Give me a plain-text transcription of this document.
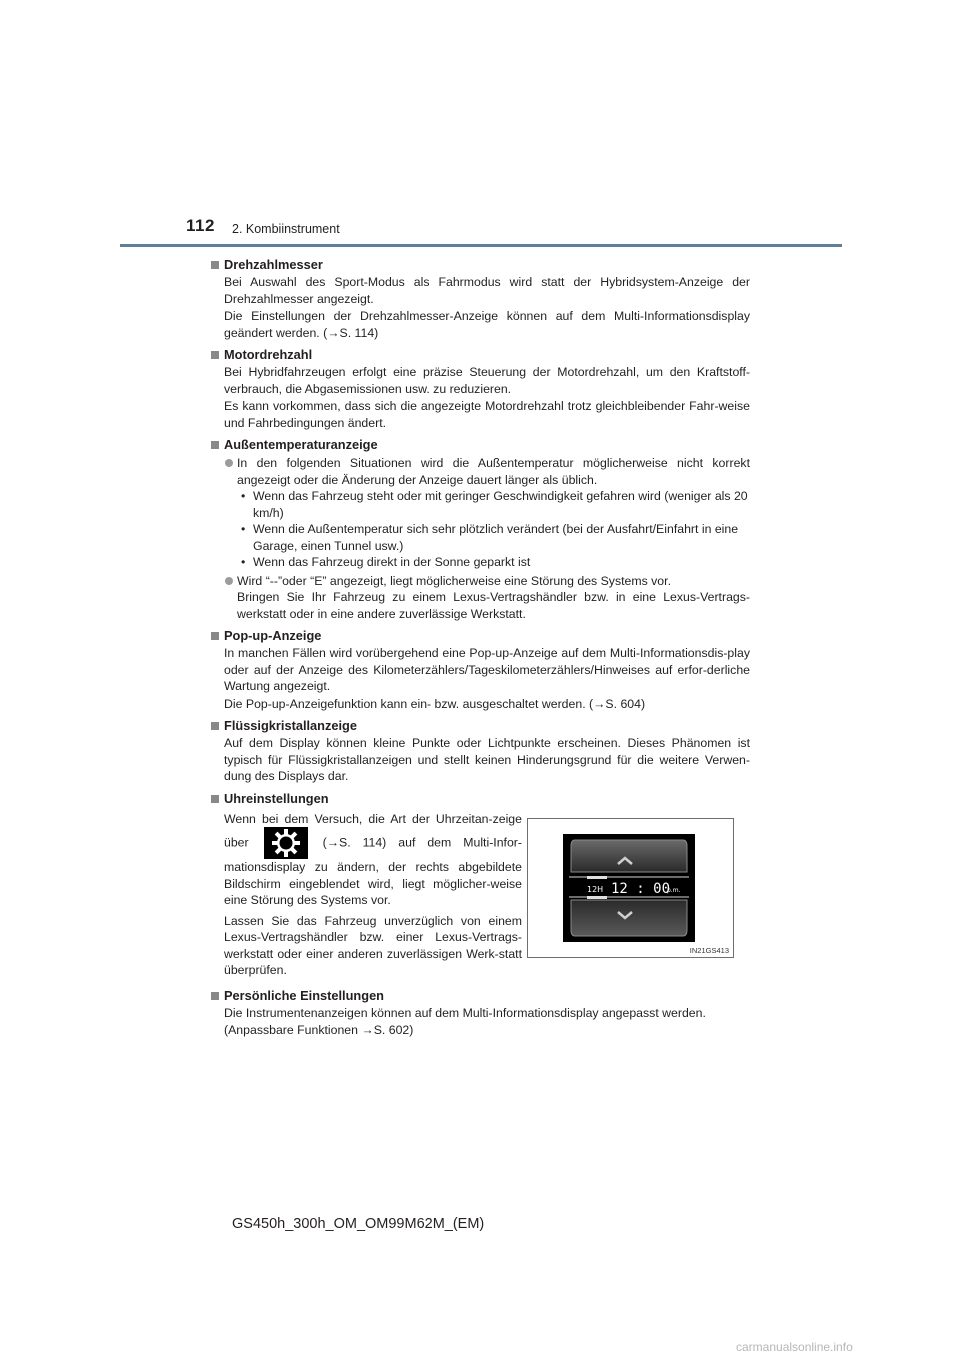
112 2. Kombiinstrument
Drehzahlmesser

Bei Auswahl des Sport-Modus als Fahrmodus wird statt der Hybridsystem-Anzeige der Drehzahlmesser angezeigt.

Die Einstellungen der Drehzahlmesser-Anzeige können auf dem Multi-Informationsdisplay geändert werden. (→S. 114)

Motordrehzahl

Bei Hybridfahrzeugen erfolgt eine präzise Steuerung der Motordrehzahl, um den Kraftstoff-verbrauch, die Abgasemissionen usw. zu reduzieren.

Es kann vorkommen, dass sich die angezeigte Motordrehzahl trotz gleichbleibender Fahr-weise und Fahrbedingungen ändert.

Außentemperaturanzeige
In den folgenden Situationen wird die Außentemperatur möglicherweise nicht korrekt angezeigt oder die Änderung der Anzeige dauert länger als üblich.
• Wenn das Fahrzeug steht oder mit geringer Geschwindigkeit gefahren wird (weniger als 20 km/h)
• Wenn die Außentemperatur sich sehr plötzlich verändert (bei der Ausfahrt/Einfahrt in eine Garage, einen Tunnel usw.)
• Wenn das Fahrzeug direkt in der Sonne geparkt ist
Wird “--”oder “E” angezeigt, liegt möglicherweise eine Störung des Systems vor.
Bringen Sie Ihr Fahrzeug zu einem Lexus-Vertragshändler bzw. in eine Lexus-Vertrags-werkstatt oder in eine andere zuverlässige Werkstatt.
Pop-up-Anzeige

In manchen Fällen wird vorübergehend eine Pop-up-Anzeige auf dem Multi-Informationsdis-play oder auf der Anzeige des Kilometerzählers/Tageskilometerzählers/Hinweises auf erfor-derliche Wartung angezeigt.

Die Pop-up-Anzeigefunktion kann ein- bzw. ausgeschaltet werden. (→S. 604)

Flüssigkristallanzeige

Auf dem Display können kleine Punkte oder Lichtpunkte erscheinen. Dieses Phänomen ist typisch für Flüssigkristallanzeigen und stellt keinen Hinderungsgrund für die weitere Verwen-dung des Displays dar.

Uhreinstellungen

Wenn bei dem Versuch, die Art der Uhrzeitan-zeige über	(→S. 114) auf dem Multi-Infor-mationsdisplay zu ändern, der rechts abgebildete Bildschirm eingeblendet wird, liegt möglicher-weise eine Störung des Systems vor.

Lassen Sie das Fahrzeug unverzüglich von einem Lexus-Vertragshändler bzw. einer Lexus-Vertrags-werkstatt oder einer anderen zuverlässigen Werk-statt überprüfen.

Persönliche Einstellungen

Die Instrumentenanzeigen können auf dem Multi-Informationsdisplay angepasst werden.

(Anpassbare Funktionen →S. 602)

12H 12 : 00
p.m.
IN21GS413
GS450h_300h_OM_OM99M62M_(EM)
carmanualsonline.info
